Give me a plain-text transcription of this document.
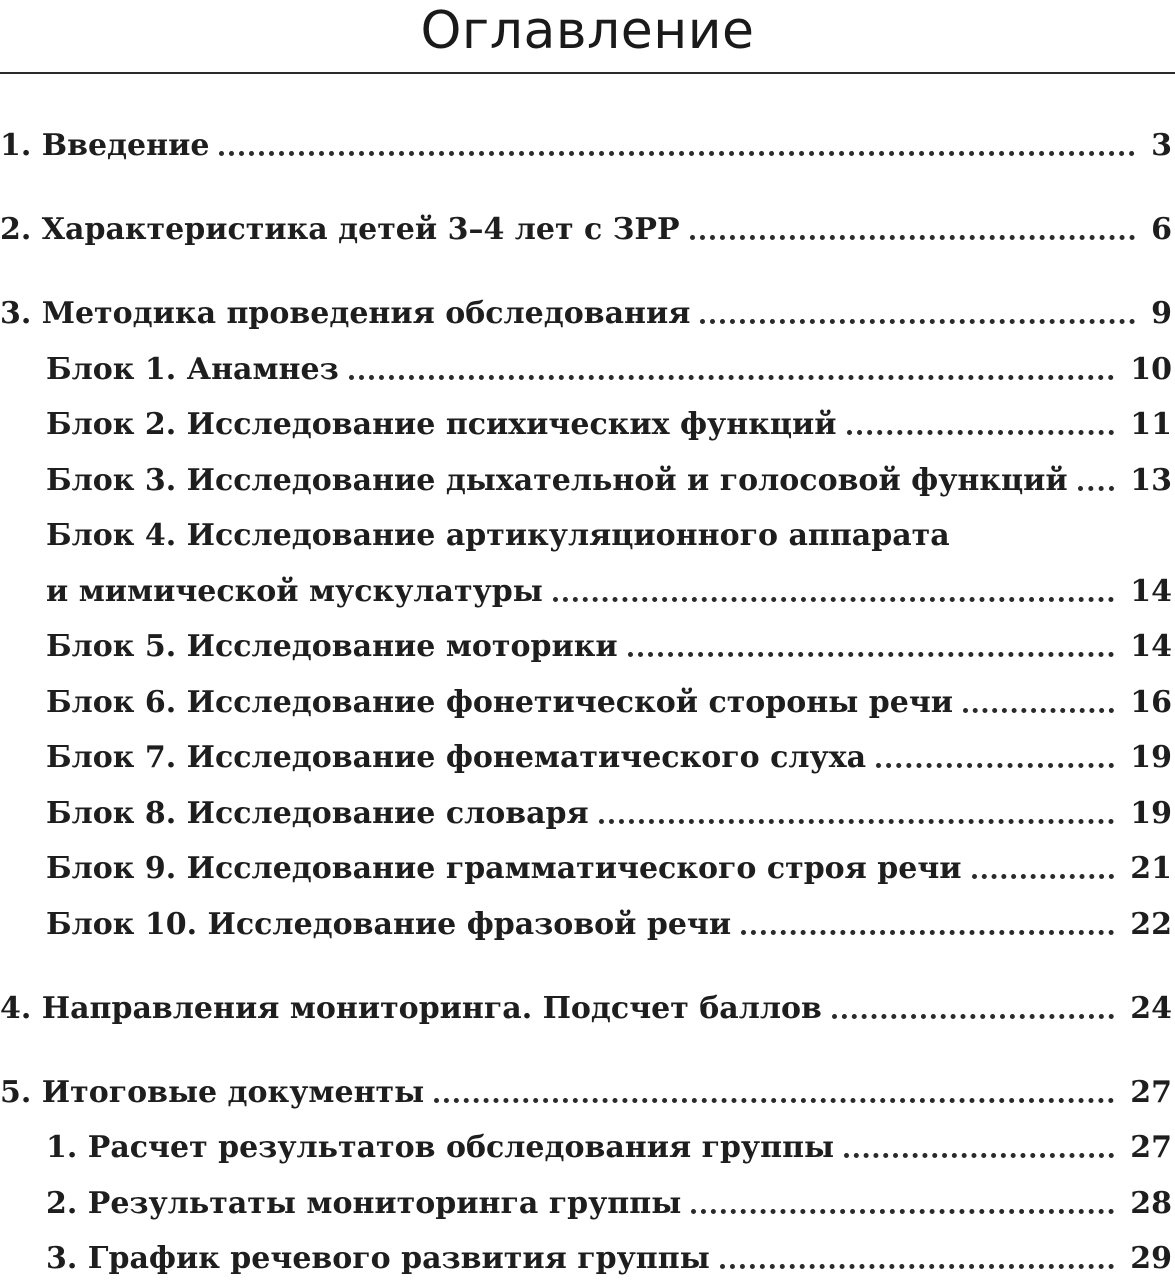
Оглавление
1. Введение	3
2. Характеристика детей 3–4 лет с ЗРР	6
3. Методика проведения обследования	9
Блок 1. Анамнез	10
Блок 2. Исследование психических функций	11
Блок 3. Исследование дыхательной и голосовой функций 13
Блок 4. Исследование артикуляционного аппарата
и мимической мускулатуры	14
Блок 5. Исследование моторики	14
Блок 6. Исследование фонетической стороны речи	16
Блок 7. Исследование фонематического слуха	19
Блок 8. Исследование словаря	19
Блок 9. Исследование грамматического строя речи	21
Блок 10. Исследование фразовой речи	22
4. Направления мониторинга. Подсчет баллов	24
5. Итоговые документы	27
1. Расчет результатов обследования группы	27
2. Результаты мониторинга группы	28
3. График речевого развития группы	29
